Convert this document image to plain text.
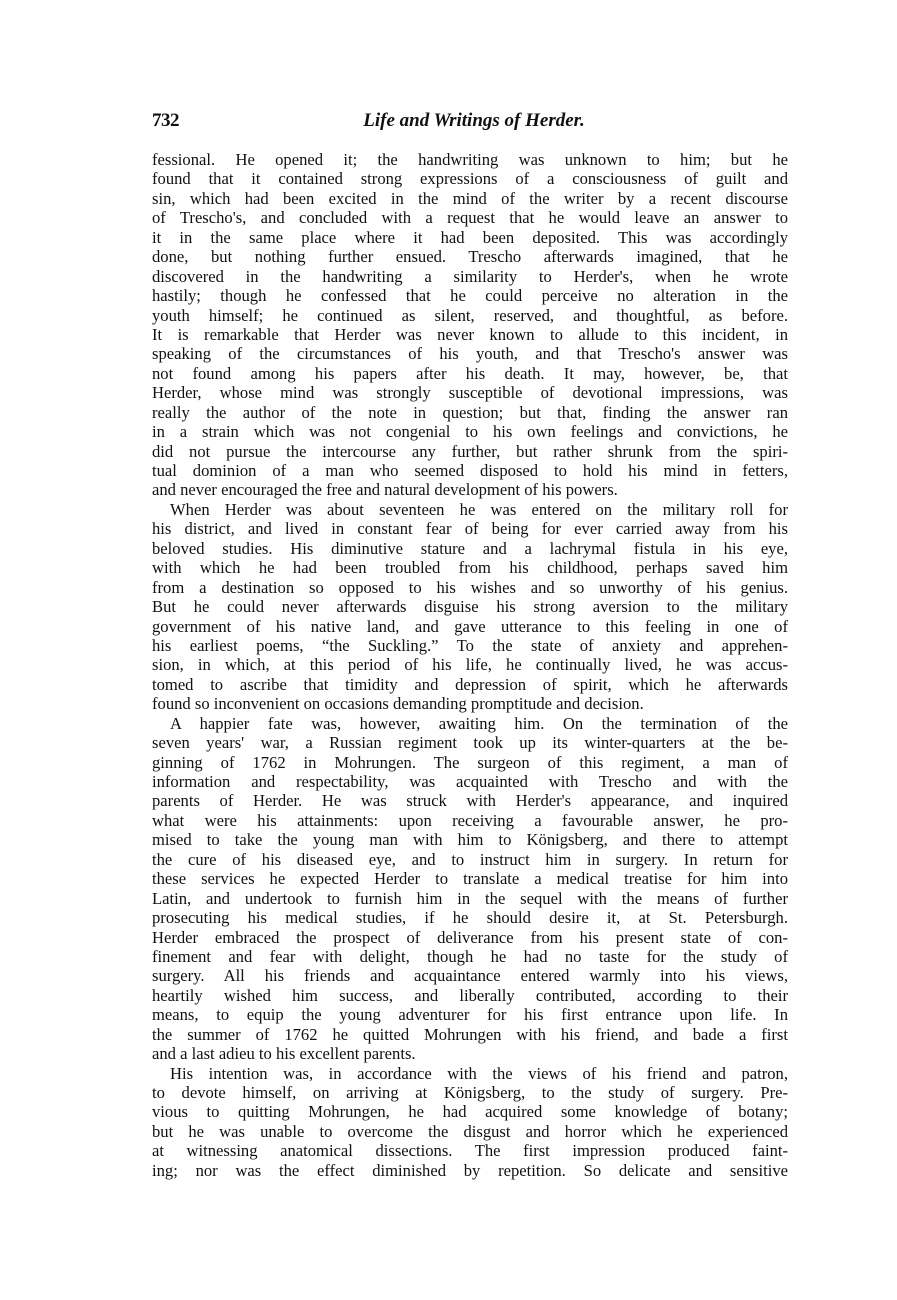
732	Life and Writings of Herder.
fessional. He opened it; the handwriting was unknown to him; but he
found that it contained strong expressions of a consciousness of guilt and
sin, which had been excited in the mind of the writer by a recent discourse
of Trescho's, and concluded with a request that he would leave an answer to
it in the same place where it had been deposited. This was accordingly
done, but nothing further ensued. Trescho afterwards imagined, that he
discovered in the handwriting a similarity to Herder's, when he wrote
hastily; though he confessed that he could perceive no alteration in the
youth himself; he continued as silent, reserved, and thoughtful, as before.
It is remarkable that Herder was never known to allude to this incident, in
speaking of the circumstances of his youth, and that Trescho's answer was
not found among his papers after his death. It may, however, be, that
Herder, whose mind was strongly susceptible of devotional impressions, was
really the author of the note in question; but that, finding the answer ran
in a strain which was not congenial to his own feelings and convictions, he
did not pursue the intercourse any further, but rather shrunk from the spiri-
tual dominion of a man who seemed disposed to hold his mind in fetters,
and never encouraged the free and natural development of his powers.
When Herder was about seventeen he was entered on the military roll for
his district, and lived in constant fear of being for ever carried away from his
beloved studies. His diminutive stature and a lachrymal fistula in his eye,
with which he had been troubled from his childhood, perhaps saved him
from a destination so opposed to his wishes and so unworthy of his genius.
But he could never afterwards disguise his strong aversion to the military
government of his native land, and gave utterance to this feeling in one of
his earliest poems, “the Suckling.” To the state of anxiety and apprehen-
sion, in which, at this period of his life, he continually lived, he was accus-
tomed to ascribe that timidity and depression of spirit, which he afterwards
found so inconvenient on occasions demanding promptitude and decision.
A happier fate was, however, awaiting him. On the termination of the
seven years' war, a Russian regiment took up its winter-quarters at the be-
ginning of 1762 in Mohrungen. The surgeon of this regiment, a man of
information and respectability, was acquainted with Trescho and with the
parents of Herder. He was struck with Herder's appearance, and inquired
what were his attainments: upon receiving a favourable answer, he pro-
mised to take the young man with him to Königsberg, and there to attempt
the cure of his diseased eye, and to instruct him in surgery. In return for
these services he expected Herder to translate a medical treatise for him into
Latin, and undertook to furnish him in the sequel with the means of further
prosecuting his medical studies, if he should desire it, at St. Petersburgh.
Herder embraced the prospect of deliverance from his present state of con-
finement and fear with delight, though he had no taste for the study of
surgery. All his friends and acquaintance entered warmly into his views,
heartily wished him success, and liberally contributed, according to their
means, to equip the young adventurer for his first entrance upon life. In
the summer of 1762 he quitted Mohrungen with his friend, and bade a first
and a last adieu to his excellent parents.
His intention was, in accordance with the views of his friend and patron,
to devote himself, on arriving at Königsberg, to the study of surgery. Pre-
vious to quitting Mohrungen, he had acquired some knowledge of botany;
but he was unable to overcome the disgust and horror which he experienced
at witnessing anatomical dissections. The first impression produced faint-
ing; nor was the effect diminished by repetition. So delicate and sensitive
